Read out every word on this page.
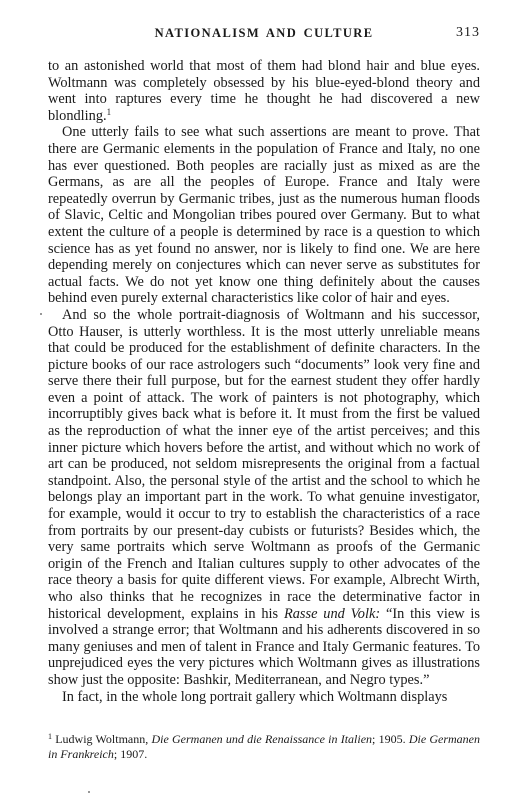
NATIONALISM AND CULTURE	313

to an astonished world that most of them had blond hair and blue eyes. Woltmann was completely obsessed by his blue-eyed-blond theory and went into raptures every time he thought he had discovered a new blondling.$^1$

One utterly fails to see what such assertions are meant to prove. That there are Germanic elements in the population of France and Italy, no one has ever questioned. Both peoples are racially just as mixed as are the Germans, as are all the peoples of Europe. France and Italy were repeatedly overrun by Germanic tribes, just as the numerous human floods of Slavic, Celtic and Mongolian tribes poured over Germany. But to what extent the culture of a people is determined by race is a question to which science has as yet found no answer, nor is likely to find one. We are here depending merely on conjectures which can never serve as substitutes for actual facts. We do not yet know one thing definitely about the causes behind even purely external characteristics like color of hair and eyes.

And so the whole portrait-diagnosis of Woltmann and his successor, Otto Hauser, is utterly worthless. It is the most utterly unreliable means that could be produced for the establishment of definite characters. In the picture books of our race astrologers such “documents” look very fine and serve there their full purpose, but for the earnest student they offer hardly even a point of attack. The work of painters is not photography, which incorruptibly gives back what is before it. It must from the first be valued as the reproduction of what the inner eye of the artist perceives; and this inner picture which hovers before the artist, and without which no work of art can be produced, not seldom misrepresents the original from a factual standpoint. Also, the personal style of the artist and the school to which he belongs play an important part in the work. To what genuine investigator, for example, would it occur to try to establish the characteristics of a race from portraits by our present-day cubists or futurists? Besides which, the very same portraits which serve Woltmann as proofs of the Germanic origin of the French and Italian cultures supply to other advocates of the race theory a basis for quite different views. For example, Albrecht Wirth, who also thinks that he recognizes in race the determinative factor in historical development, explains in his Rasse und Volk: “In this view is involved a strange error; that Woltmann and his adherents discovered in so many geniuses and men of talent in France and Italy Germanic features. To unprejudiced eyes the very pictures which Woltmann gives as illustrations show just the opposite: Bashkir, Mediterranean, and Negro types.”

In fact, in the whole long portrait gallery which Woltmann displays

$^1$ Ludwig Woltmann, Die Germanen und die Renaissance in Italien; 1905. Die Germanen in Frankreich; 1907.
